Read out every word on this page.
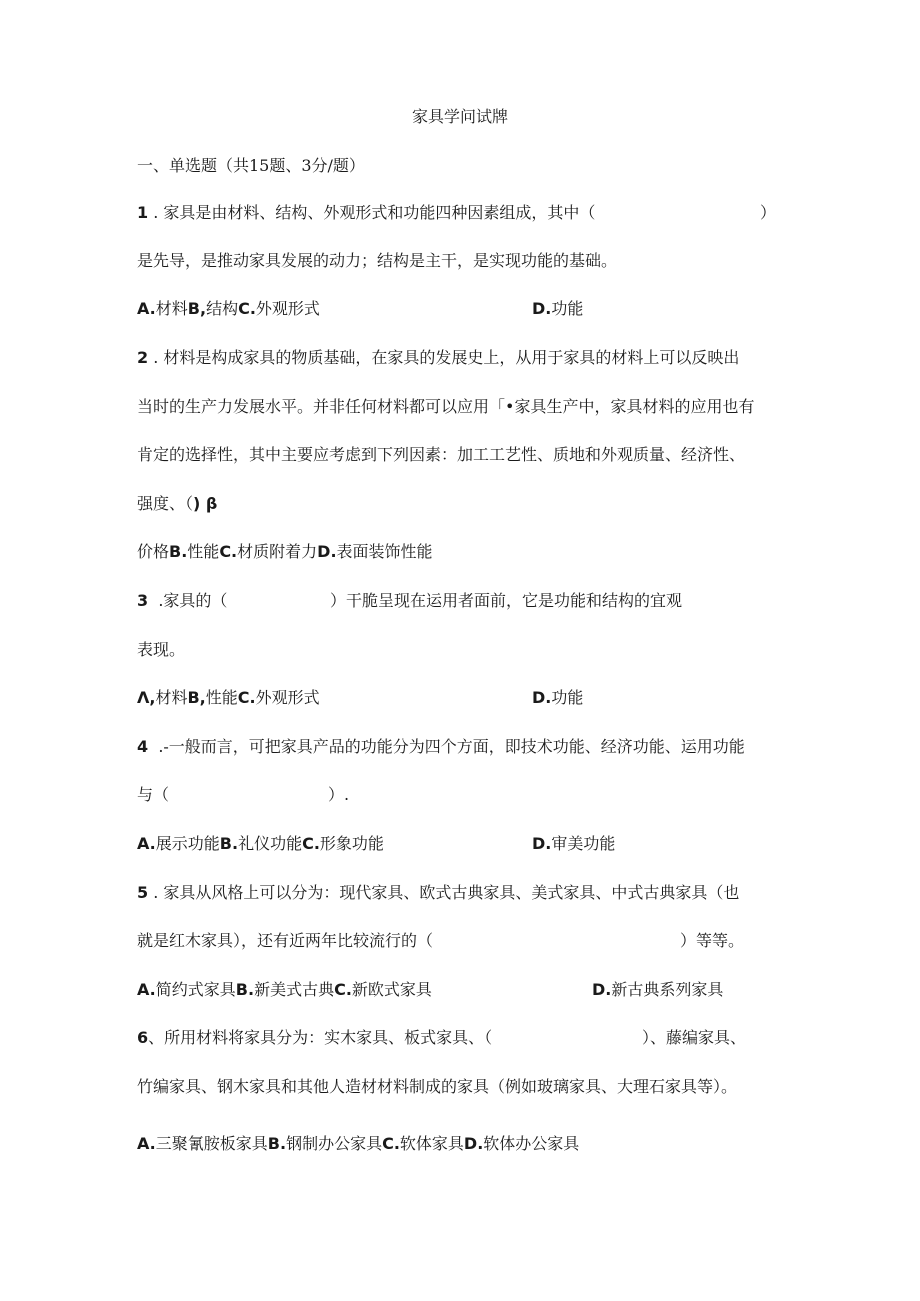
家具学问试牌
一、单选题（共15题、3分/题）
1 . 家具是由材料、结构、外观形式和功能四种因素组成，其中（	）
是先导，是推动家具发展的动力；结构是主干，是实现功能的基础。
A.材料B,结构C.外观形式	D.功能
2 . 材料是构成家具的物质基础，在家具的发展史上，从用于家具的材料上可以反映出
当时的生产力发展水平。并非任何材料都可以应用「•家具生产中，家具材料的应用也有
肯定的选择性，其中主要应考虑到下列因素：加工工艺性、质地和外观质量、经济性、
强度、（) β
价格B.性能C.材质附着力D.表面装饰性能
3 .家具的（	）干脆呈现在运用者面前，它是功能和结构的宜观
表现。
Λ,材料B,性能C.外观形式	D.功能
4 .-一般而言，可把家具产品的功能分为四个方面，即技术功能、经济功能、运用功能
与（	）.
A.展示功能B.礼仪功能C.形象功能	D.审美功能
5 . 家具从风格上可以分为：现代家具、欧式古典家具、美式家具、中式古典家具（也
就是红木家具），还有近两年比较流行的（	）等等。
A.简约式家具B.新美式古典C.新欧式家具	D.新古典系列家具
6、所用材料将家具分为：实木家具、板式家具、（	）、藤编家具、
竹编家具、钢木家具和其他人造材材料制成的家具（例如玻璃家具、大理石家具等）。
A.三聚氰胺板家具B.钢制办公家具C.软体家具D.软体办公家具
